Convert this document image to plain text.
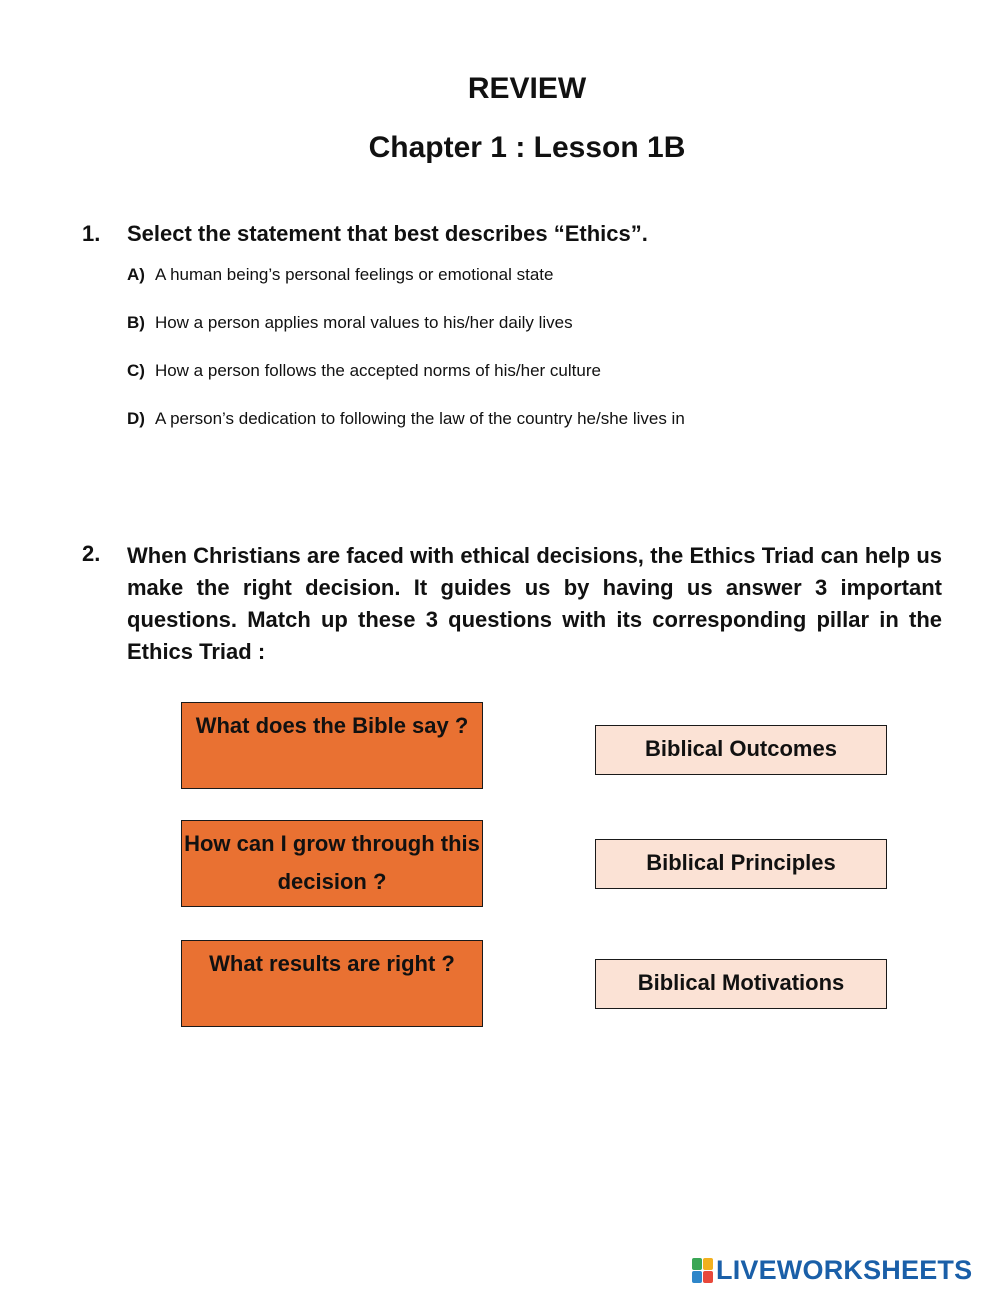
REVIEW
Chapter 1 : Lesson 1B
1. Select the statement that best describes “Ethics”.

A) A human being’s personal feelings or emotional state
B) How a person applies moral values to his/her daily lives
C) How a person follows the accepted norms of his/her culture
D) A person’s dedication to following the law of the country he/she lives in
2. When Christians are faced with ethical decisions, the Ethics Triad can help us make the right decision. It guides us by having us answer 3 important questions. Match up these 3 questions with its corresponding pillar in the Ethics Triad :

What does the Bible say ?
How can I grow through this decision ?
What results are right ?
Biblical Outcomes
Biblical Principles
Biblical Motivations
LIVEWORKSHEETS
